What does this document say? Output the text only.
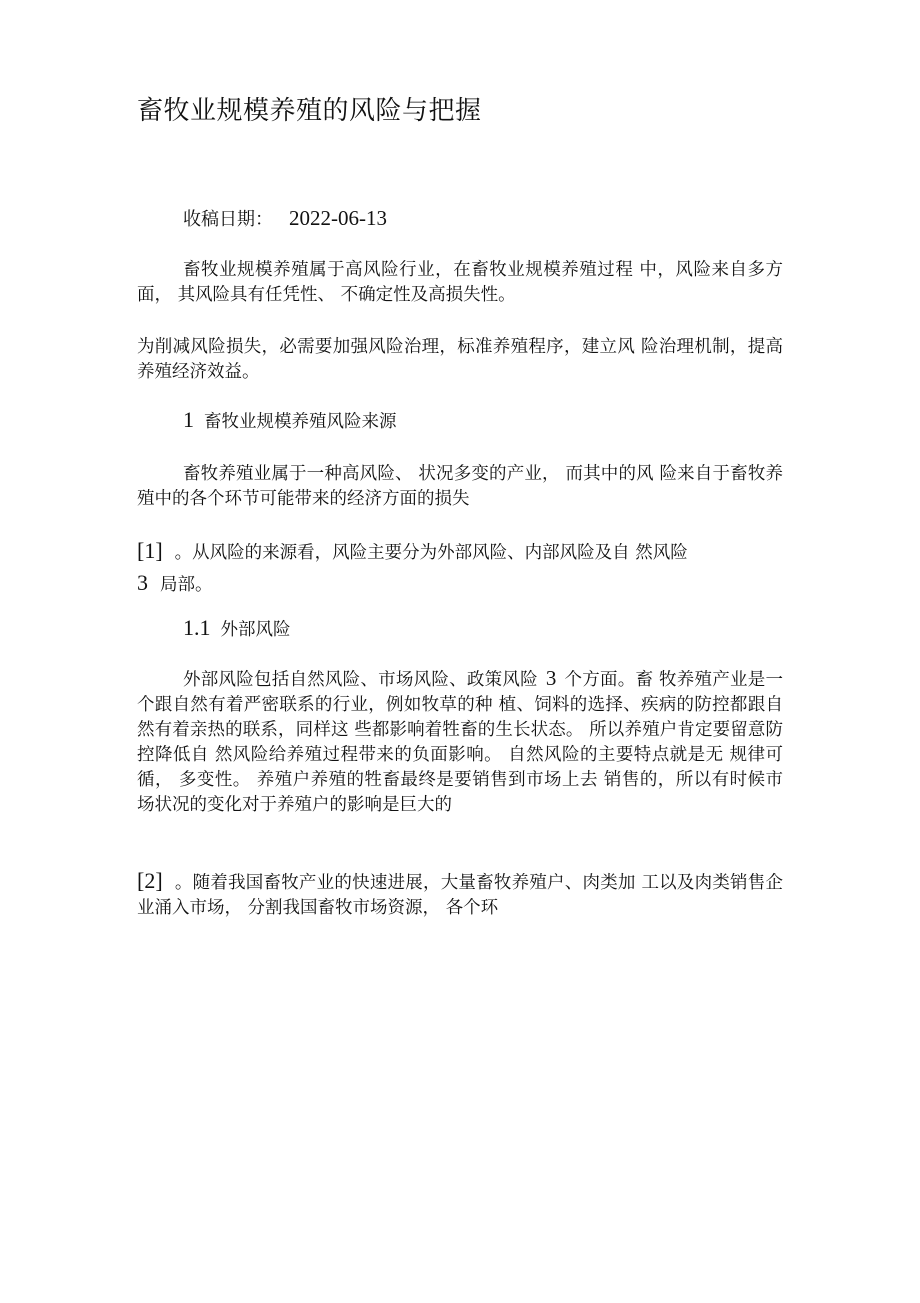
畜牧业规模养殖的风险与把握
收稿日期： 2022-06-13

畜牧业规模养殖属于高风险行业，在畜牧业规模养殖过程 中，风险来自多方面， 其风险具有任凭性、 不确定性及高损失性。

为削减风险损失，必需要加强风险治理，标准养殖程序，建立风 险治理机制，提高养殖经济效益。

1 畜牧业规模养殖风险来源

畜牧养殖业属于一种高风险、 状况多变的产业， 而其中的风 险来自于畜牧养殖中的各个环节可能带来的经济方面的损失

[1] 。从风险的来源看，风险主要分为外部风险、内部风险及自 然风险
3 局部。

1.1 外部风险

外部风险包括自然风险、市场风险、政策风险 3 个方面。畜 牧养殖产业是一个跟自然有着严密联系的行业，例如牧草的种 植、饲料的选择、疾病的防控都跟自然有着亲热的联系，同样这 些都影响着牲畜的生长状态。 所以养殖户肯定要留意防控降低自 然风险给养殖过程带来的负面影响。 自然风险的主要特点就是无 规律可循， 多变性。 养殖户养殖的牲畜最终是要销售到市场上去 销售的，所以有时候市场状况的变化对于养殖户的影响是巨大的

[2] 。随着我国畜牧产业的快速进展，大量畜牧养殖户、肉类加 工以及肉类销售企业涌入市场， 分割我国畜牧市场资源， 各个环
